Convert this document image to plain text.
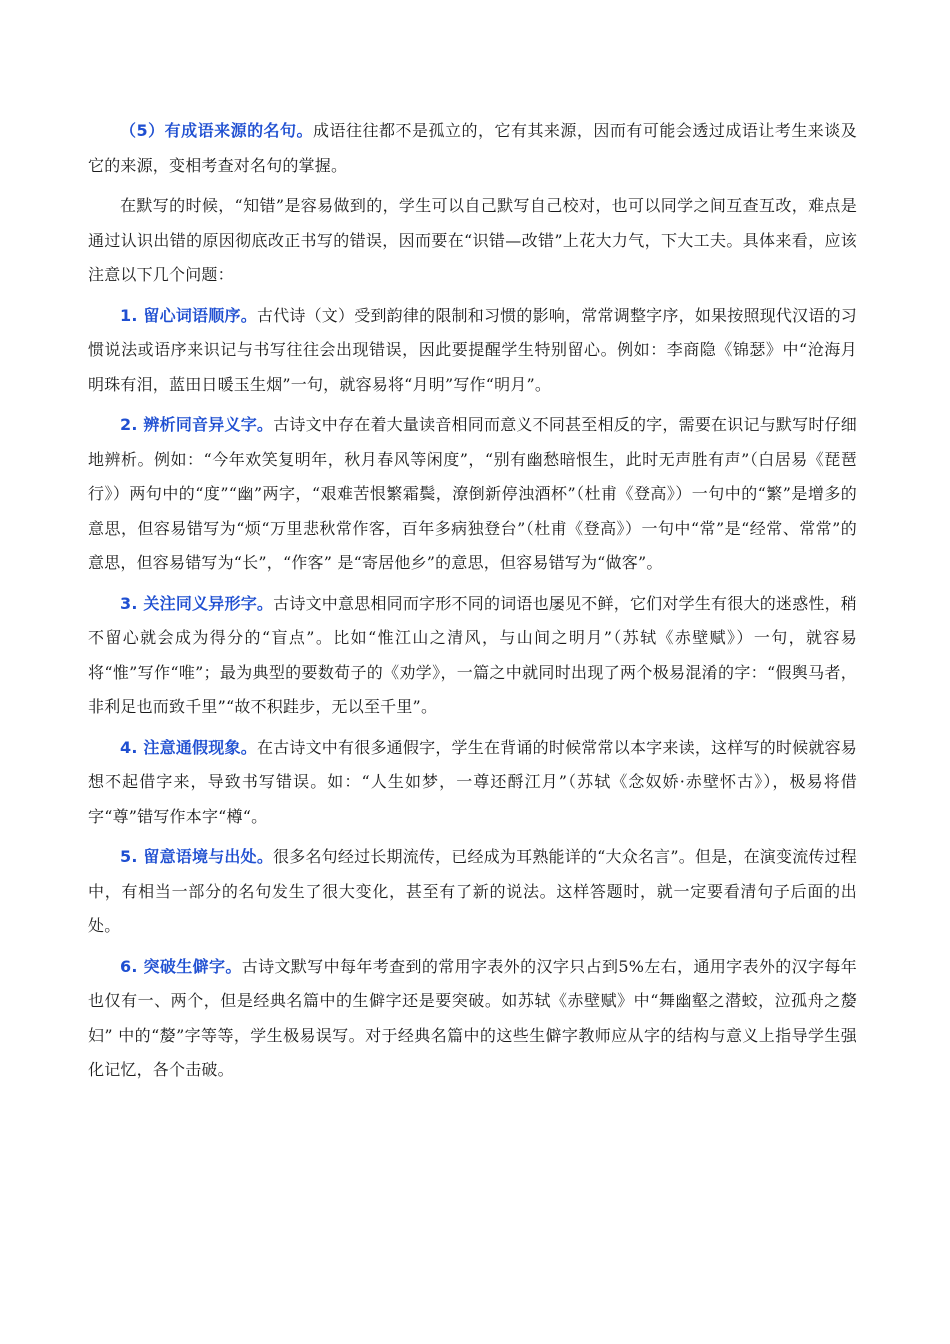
（5）有成语来源的名句。成语往往都不是孤立的，它有其来源，因而有可能会透过成语让考生来谈及它的来源，变相考查对名句的掌握。

在默写的时候，“知错”是容易做到的，学生可以自己默写自己校对，也可以同学之间互查互改，难点是通过认识出错的原因彻底改正书写的错误，因而要在“识错—改错”上花大力气，下大工夫。具体来看，应该注意以下几个问题：

1. 留心词语顺序。古代诗（文）受到韵律的限制和习惯的影响，常常调整字序，如果按照现代汉语的习惯说法或语序来识记与书写往往会出现错误，因此要提醒学生特别留心。例如：李商隐《锦瑟》中“沧海月明珠有泪，蓝田日暖玉生烟”一句，就容易将“月明”写作“明月”。

2. 辨析同音异义字。古诗文中存在着大量读音相同而意义不同甚至相反的字，需要在识记与默写时仔细地辨析。例如：“今年欢笑复明年，秋月春风等闲度”，“别有幽愁暗恨生，此时无声胜有声”（白居易《琵琶行》）两句中的“度”“幽”两字，“艰难苦恨繁霜鬓，潦倒新停浊酒杯”（杜甫《登高》）一句中的“繁”是增多的意思，但容易错写为“烦“万里悲秋常作客，百年多病独登台”（杜甫《登高》）一句中“常”是“经常、常常”的意思，但容易错写为“长”，“作客” 是“寄居他乡”的意思，但容易错写为“做客”。

3. 关注同义异形字。古诗文中意思相同而字形不同的词语也屡见不鲜，它们对学生有很大的迷惑性，稍不留心就会成为得分的“盲点”。比如“惟江山之清风，与山间之明月”（苏轼《赤壁赋》）一句，就容易将“惟”写作“唯”；最为典型的要数荀子的《劝学》，一篇之中就同时出现了两个极易混淆的字：“假舆马者，非利足也而致千里”“故不积跬步，无以至千里”。

4. 注意通假现象。在古诗文中有很多通假字，学生在背诵的时候常常以本字来读，这样写的时候就容易想不起借字来，导致书写错误。如：“人生如梦，一尊还酹江月”（苏轼《念奴娇·赤壁怀古》），极易将借字“尊”错写作本字“樽“。

5. 留意语境与出处。很多名句经过长期流传，已经成为耳熟能详的“大众名言”。但是，在演变流传过程中，有相当一部分的名句发生了很大变化，甚至有了新的说法。这样答题时，就一定要看清句子后面的出处。

6. 突破生僻字。古诗文默写中每年考查到的常用字表外的汉字只占到5%左右，通用字表外的汉字每年也仅有一、两个，但是经典名篇中的生僻字还是要突破。如苏轼《赤壁赋》中“舞幽壑之潜蛟，泣孤舟之嫠妇” 中的“嫠”字等等，学生极易误写。对于经典名篇中的这些生僻字教师应从字的结构与意义上指导学生强化记忆，各个击破。
